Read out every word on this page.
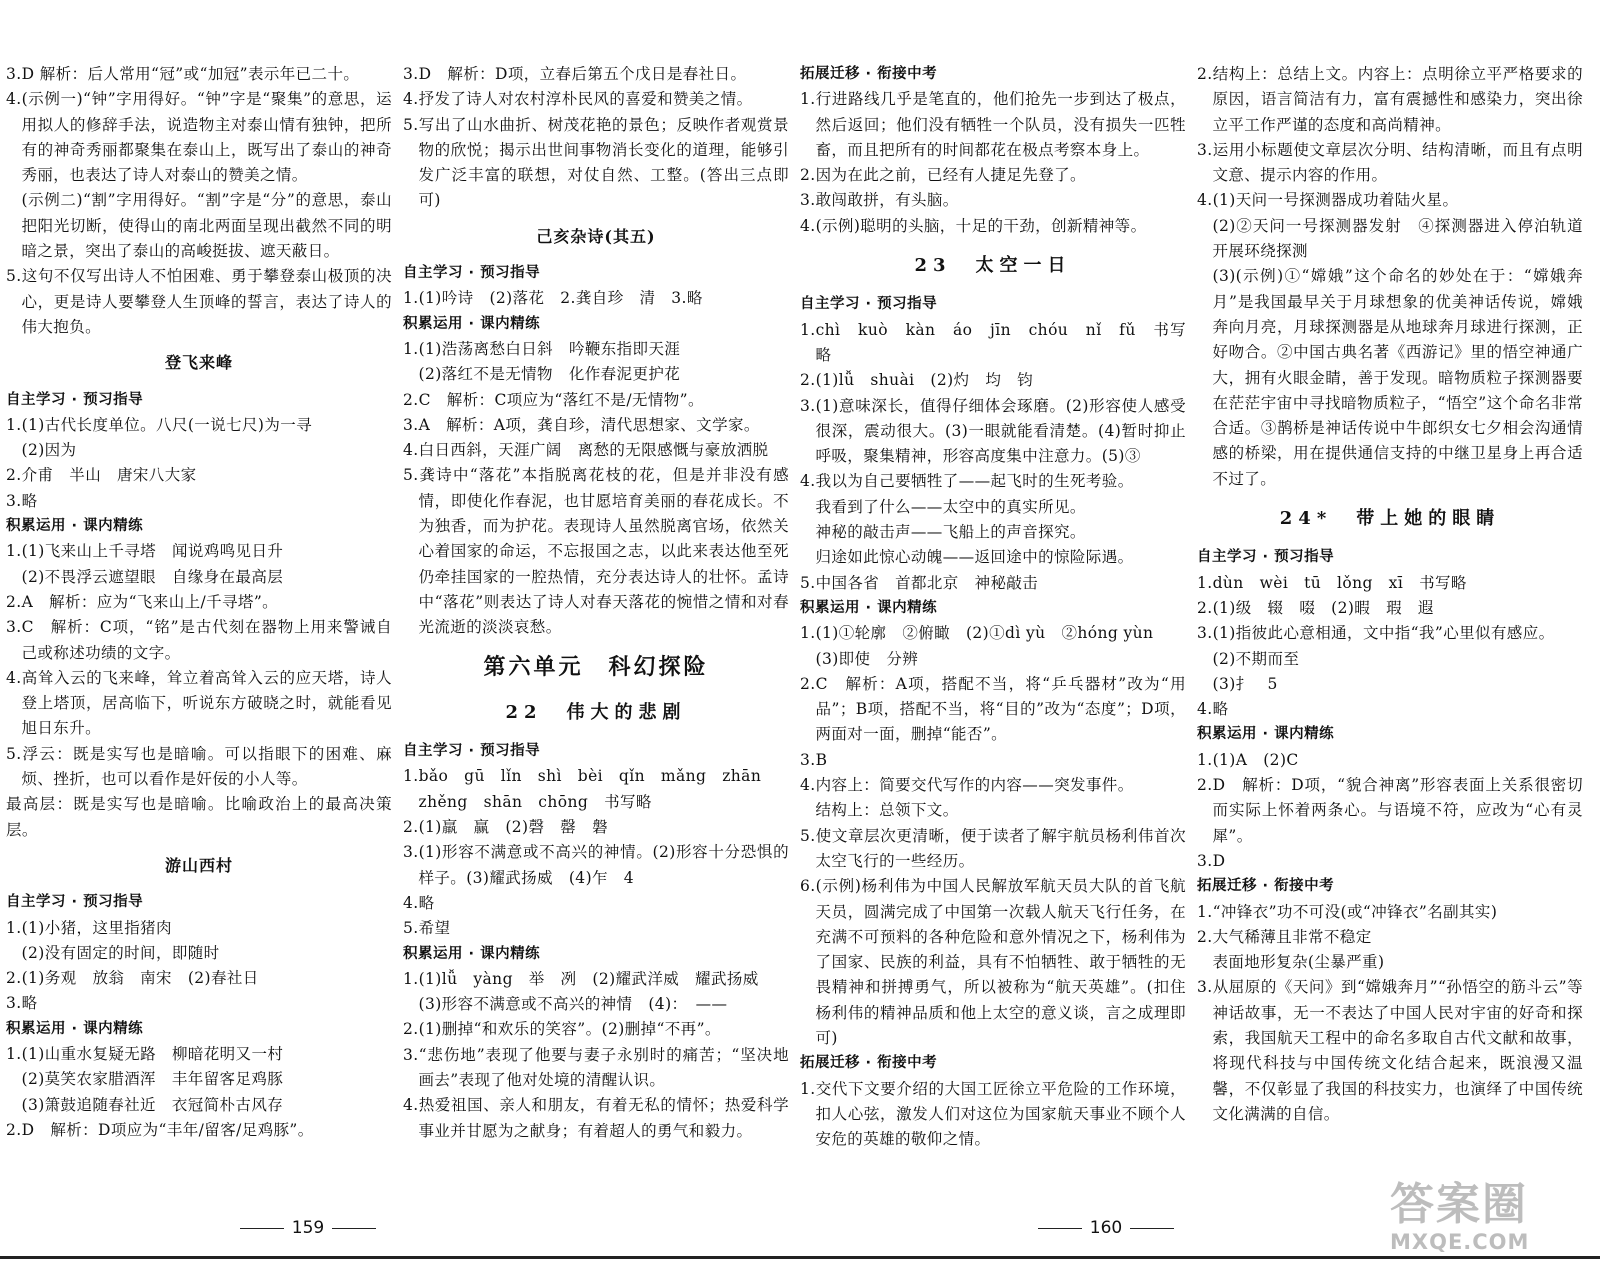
3.D 解析：后人常用“冠”或“加冠”表示年已二十。

4.(示例一)“钟”字用得好。“钟”字是“聚集”的意思，运用拟人的修辞手法，说造物主对泰山情有独钟，把所有的神奇秀丽都聚集在泰山上，既写出了泰山的神奇秀丽，也表达了诗人对泰山的赞美之情。

(示例二)“割”字用得好。“割”字是“分”的意思，泰山把阳光切断，使得山的南北两面呈现出截然不同的明暗之景，突出了泰山的高峻挺拔、遮天蔽日。

5.这句不仅写出诗人不怕困难、勇于攀登泰山极顶的决心，更是诗人要攀登人生顶峰的誓言，表达了诗人的伟大抱负。

登飞来峰

自主学习 · 预习指导

1.(1)古代长度单位。八尺(一说七尺)为一寻

(2)因为

2.介甫　半山　唐宋八大家

3.略

积累运用 · 课内精练

1.(1)飞来山上千寻塔　闻说鸡鸣见日升

(2)不畏浮云遮望眼　自缘身在最高层

2.A　解析：应为“飞来山上/千寻塔”。

3.C　解析：C项，“铭”是古代刻在器物上用来警诫自己或称述功绩的文字。

4.高耸入云的飞来峰，耸立着高耸入云的应天塔，诗人登上塔顶，居高临下，听说东方破晓之时，就能看见旭日东升。

5.浮云：既是实写也是暗喻。可以指眼下的困难、麻烦、挫折，也可以看作是奸佞的小人等。

最高层：既是实写也是暗喻。比喻政治上的最高决策层。

游山西村

自主学习 · 预习指导

1.(1)小猪，这里指猪肉

(2)没有固定的时间，即随时

2.(1)务观　放翁　南宋　(2)春社日

3.略

积累运用 · 课内精练

1.(1)山重水复疑无路　柳暗花明又一村

(2)莫笑农家腊酒浑　丰年留客足鸡豚

(3)箫鼓追随春社近　衣冠简朴古风存

2.D　解析：D项应为“丰年/留客/足鸡豚”。

3.D　解析：D项，立春后第五个戊日是春社日。

4.抒发了诗人对农村淳朴民风的喜爱和赞美之情。

5.写出了山水曲折、树茂花艳的景色；反映作者观赏景物的欣悦；揭示出世间事物消长变化的道理，能够引发广泛丰富的联想，对仗自然、工整。(答出三点即可)

己亥杂诗(其五)

自主学习 · 预习指导

1.(1)吟诗　(2)落花　2.龚自珍　清　3.略

积累运用 · 课内精练

1.(1)浩荡离愁白日斜　吟鞭东指即天涯

(2)落红不是无情物　化作春泥更护花

2.C　解析：C项应为“落红不是/无情物”。

3.A　解析：A项，龚自珍，清代思想家、文学家。

4.白日西斜，天涯广阔　离愁的无限感慨与豪放洒脱

5.龚诗中“落花”本指脱离花枝的花，但是并非没有感情，即使化作春泥，也甘愿培育美丽的春花成长。不为独香，而为护花。表现诗人虽然脱离官场，依然关心着国家的命运，不忘报国之志，以此来表达他至死仍牵挂国家的一腔热情，充分表达诗人的壮怀。孟诗中“落花”则表达了诗人对春天落花的惋惜之情和对春光流逝的淡淡哀愁。

第六单元　科幻探险

22　伟大的悲剧

自主学习 · 预习指导

1.bǎo　gū　lǐn　shì　bèi　qǐn　mǎng　zhān

zhěng　shān　chōng　书写略

2.(1)羸　赢　(2)磬　罄　磐

3.(1)形容不满意或不高兴的神情。(2)形容十分恐惧的样子。(3)耀武扬威　(4)乍　4

4.略

5.希望

积累运用 · 课内精练

1.(1)lǚ　yàng　举　冽　(2)耀武洋威　耀武扬威

(3)形容不满意或不高兴的神情　(4)：　——

2.(1)删掉“和欢乐的笑容”。(2)删掉“不再”。

3.“悲伤地”表现了他要与妻子永别时的痛苦；“坚决地画去”表现了他对处境的清醒认识。

4.热爱祖国、亲人和朋友，有着无私的情怀；热爱科学事业并甘愿为之献身；有着超人的勇气和毅力。

拓展迁移 · 衔接中考

1.行进路线几乎是笔直的，他们抢先一步到达了极点，然后返回；他们没有牺牲一个队员，没有损失一匹牲畜，而且把所有的时间都花在极点考察本身上。

2.因为在此之前，已经有人捷足先登了。

3.敢闯敢拼，有头脑。

4.(示例)聪明的头脑，十足的干劲，创新精神等。

23　太空一日

自主学习 · 预习指导

1.chì　kuò　kàn　áo　jīn　chóu　nǐ　fǔ　书写略

2.(1)lǚ　shuài　(2)灼　均　钧

3.(1)意味深长，值得仔细体会琢磨。(2)形容使人感受很深，震动很大。(3)一眼就能看清楚。(4)暂时抑止呼吸，聚集精神，形容高度集中注意力。(5)③

4.我以为自己要牺牲了——起飞时的生死考验。

我看到了什么——太空中的真实所见。

神秘的敲击声——飞船上的声音探究。

归途如此惊心动魄——返回途中的惊险际遇。

5.中国各省　首都北京　神秘敲击

积累运用 · 课内精练

1.(1)①轮廓　②俯瞰　(2)①dì yù　②hóng yùn

(3)即使　分辨

2.C　解析：A项，搭配不当，将“乒乓器材”改为“用品”；B项，搭配不当，将“目的”改为“态度”；D项，两面对一面，删掉“能否”。

3.B

4.内容上：简要交代写作的内容——突发事件。

结构上：总领下文。

5.使文章层次更清晰，便于读者了解宇航员杨利伟首次太空飞行的一些经历。

6.(示例)杨利伟为中国人民解放军航天员大队的首飞航天员，圆满完成了中国第一次载人航天飞行任务，在充满不可预料的各种危险和意外情况之下，杨利伟为了国家、民族的利益，具有不怕牺牲、敢于牺牲的无畏精神和拼搏勇气，所以被称为“航天英雄”。(扣住杨利伟的精神品质和他上太空的意义谈，言之成理即可)

拓展迁移 · 衔接中考

1.交代下文要介绍的大国工匠徐立平危险的工作环境，扣人心弦，激发人们对这位为国家航天事业不顾个人安危的英雄的敬仰之情。

2.结构上：总结上文。内容上：点明徐立平严格要求的原因，语言简洁有力，富有震撼性和感染力，突出徐立平工作严谨的态度和高尚精神。

3.运用小标题使文章层次分明、结构清晰，而且有点明文意、提示内容的作用。

4.(1)天问一号探测器成功着陆火星。

(2)②天问一号探测器发射　④探测器进入停泊轨道开展环绕探测

(3)(示例)①“嫦娥”这个命名的妙处在于：“嫦娥奔月”是我国最早关于月球想象的优美神话传说，嫦娥奔向月亮，月球探测器是从地球奔月球进行探测，正好吻合。②中国古典名著《西游记》里的悟空神通广大，拥有火眼金睛，善于发现。暗物质粒子探测器要在茫茫宇宙中寻找暗物质粒子，“悟空”这个命名非常合适。③鹊桥是神话传说中牛郎织女七夕相会沟通情感的桥梁，用在提供通信支持的中继卫星身上再合适不过了。

24*　带上她的眼睛

自主学习 · 预习指导

1.dùn　wèi　tū　lǒng　xī　书写略

2.(1)级　辍　啜　(2)暇　瑕　遐

3.(1)指彼此心意相通，文中指“我”心里似有感应。

(2)不期而至

(3)扌　5

4.略

积累运用 · 课内精练

1.(1)A　(2)C

2.D　解析：D项，“貌合神离”形容表面上关系很密切而实际上怀着两条心。与语境不符，应改为“心有灵犀”。

3.D

拓展迁移 · 衔接中考

1.“冲锋衣”功不可没(或“冲锋衣”名副其实)

2.大气稀薄且非常不稳定

表面地形复杂(尘暴严重)

3.从屈原的《天问》到“嫦娥奔月”“孙悟空的筋斗云”等神话故事，无一不表达了中国人民对宇宙的好奇和探索，我国航天工程中的命名多取自古代文献和故事，将现代科技与中国传统文化结合起来，既浪漫又温馨，不仅彰显了我国的科技实力，也演绎了中国传统文化满满的自信。

159	160	答案圈
MXQE.COM
